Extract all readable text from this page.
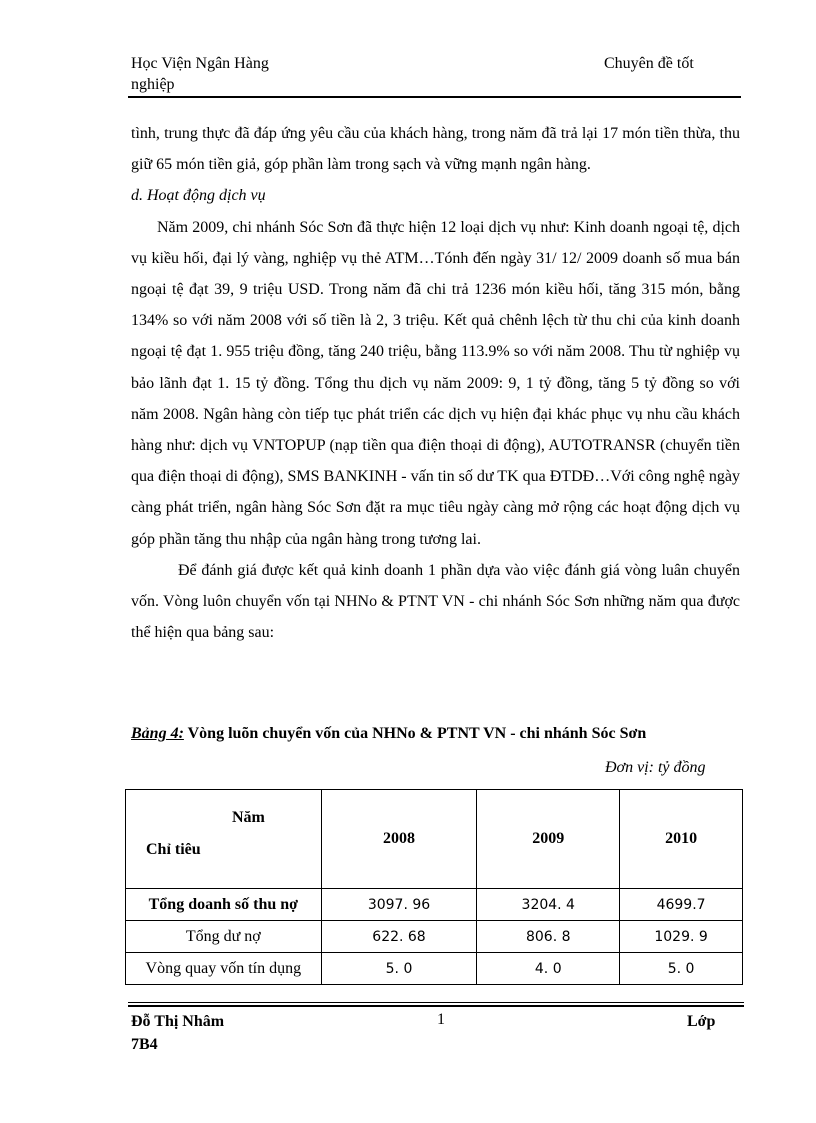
Học Viện Ngân Hàng
nghiệp
Chuyên đề tốt

tình, trung thực đã đáp ứng yêu cầu của khách hàng, trong năm đã trả lại 17 món tiền thừa, thu giữ 65 món tiền giả, góp phần làm trong sạch và vững mạnh ngân hàng.

d. Hoạt động dịch vụ

Năm 2009, chi nhánh Sóc Sơn đã thực hiện 12 loại dịch vụ như: Kinh doanh ngoại tệ, dịch vụ kiều hối, đại lý vàng, nghiệp vụ thẻ ATM…Tónh đến ngày 31/ 12/ 2009 doanh số mua bán ngoại tệ đạt 39, 9 triệu USD. Trong năm đã chi trả 1236 món kiều hối, tăng 315 món, bằng 134% so với năm 2008 với số tiền là 2, 3 triệu. Kết quả chênh lệch từ thu chi của kinh doanh ngoại tệ đạt 1. 955 triệu đồng, tăng 240 triệu, bằng 113.9% so với năm 2008. Thu từ nghiệp vụ bảo lãnh đạt 1. 15 tỷ đồng. Tổng thu dịch vụ năm 2009: 9, 1 tỷ đồng, tăng 5 tỷ đồng so với năm 2008. Ngân hàng còn tiếp tục phát triển các dịch vụ hiện đại khác phục vụ nhu cầu khách hàng như: dịch vụ VNTOPUP (nạp tiền qua điện thoại di động), AUTOTRANSR (chuyển tiền qua điện thoại di động), SMS BANKINH - vấn tin số dư TK qua ĐTDĐ…Với công nghệ ngày càng phát triển, ngân hàng Sóc Sơn đặt ra mục tiêu ngày càng mở rộng các hoạt động dịch vụ góp phần tăng thu nhập của ngân hàng trong tương lai.

Để đánh giá được kết quả kinh doanh 1 phần dựa vào việc đánh giá vòng luân chuyển vốn. Vòng luôn chuyển vốn tại NHNo & PTNT VN - chi nhánh Sóc Sơn những năm qua được thể hiện qua bảng sau:

Bảng 4: Vòng luõn chuyển vốn của NHNo & PTNT VN - chi nhánh Sóc Sơn
Đơn vị: tỷ đồng
Năm
Chỉ tiêu	2008	2009	2010
Tổng doanh số thu nợ	3097. 96	3204. 4	4699.7
Tổng dư nợ	622. 68	806. 8	1029. 9
Vòng quay vốn tín dụng	5. 0	4. 0	5. 0
Đỗ Thị Nhâm	1	Lớp
7B4
